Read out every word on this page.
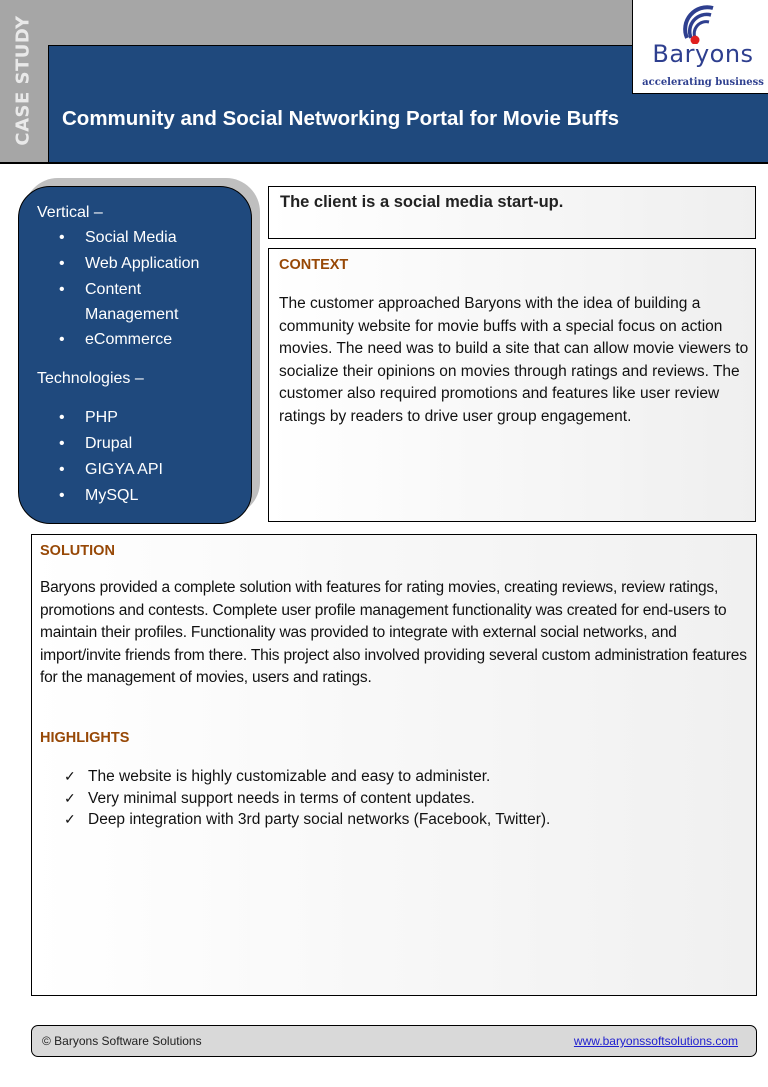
CASE STUDY Community and Social Networking Portal for Movie Buffs
Baryons
accelerating business
Vertical –
• Social Media
• Web Application
• Content Management
• eCommerce
Technologies –
• PHP
• Drupal
• GIGYA API
• MySQL
The client is a social media start-up.
CONTEXT
The customer approached Baryons with the idea of building a community website for movie buffs with a special focus on action movies. The need was to build a site that can allow movie viewers to socialize their opinions on movies through ratings and reviews. The customer also required promotions and features like user review ratings by readers to drive user group engagement.
SOLUTION
Baryons provided a complete solution with features for rating movies, creating reviews, review ratings, promotions and contests. Complete user profile management functionality was created for end-users to maintain their profiles. Functionality was provided to integrate with external social networks, and import/invite friends from there. This project also involved providing several custom administration features for the management of movies, users and ratings.
HIGHLIGHTS
✓ The website is highly customizable and easy to administer.
✓ Very minimal support needs in terms of content updates.
✓ Deep integration with 3rd party social networks (Facebook, Twitter).
© Baryons Software Solutions	www.baryonssoftsolutions.com
